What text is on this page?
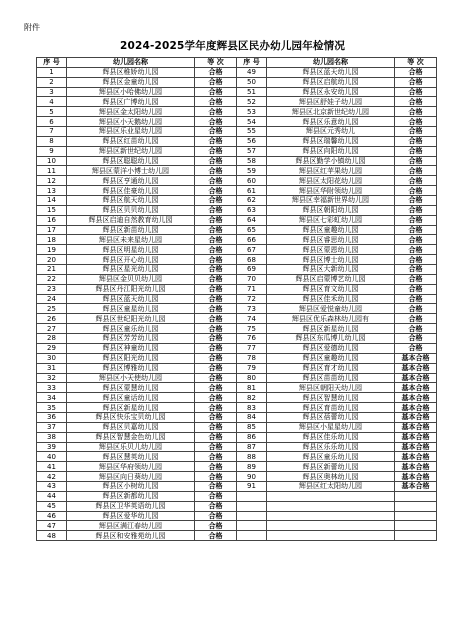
附件
2024-2025学年度辉县区民办幼儿园年检情况
序 号	幼儿园名称	等 次	序 号	幼儿园名称	等 次
1	辉县区稚娇幼儿园	合格	49	辉县区蓝天幼儿园	合格
2	辉县区金童幼儿园	合格	50	辉县区启航幼儿园	合格
3	辉县区小哈佛幼儿园	合格	51	辉县区永安幼儿园	合格
4	辉县区广博幼儿园	合格	52	辉县区舒娃子幼儿园	合格
5	辉县区金太阳幼儿园	合格	53	辉县区北京新世纪幼儿园	合格
6	辉县区小天鹅幼儿园	合格	54	辉县区乐意幼儿园	合格
7	辉县区乐业星幼儿园	合格	55	辉县区元秀幼儿	合格
8	辉县区红苗幼儿园	合格	56	辉县区瑞馨幼儿园	合格
9	辉县区新世纪幼儿园	合格	57	辉县区向阳幼儿园	合格
10	辉县区聪聪幼儿园	合格	58	辉县区勤学小镇幼儿园	合格
11	辉县区蒙洋小博士幼儿园	合格	59	辉县区红苹果幼儿园	合格
12	辉县区亨通幼儿园	合格	60	辉县区太阳花幼儿园	合格
13	辉县区佳豪幼儿园	合格	61	辉县区华附领幼儿园	合格
14	辉县区航天幼儿园	合格	62	辉县区幸福新世界幼儿园	合格
15	辉县区贝贝幼儿园	合格	63	辉县区朝阳幼儿园	合格
16	辉县区启迪自然教育幼儿园	合格	64	辉县区七彩虹幼儿园	合格
17	辉县区新苗幼儿园	合格	65	辉县区童趣幼儿园	合格
18	辉县区未来星幼儿园	合格	66	辉县区睿思幼儿园	合格
19	辉县区明星幼儿园	合格	67	辉县区蒙恩幼儿园	合格
20	辉县区开心幼儿园	合格	68	辉县区博士幼儿园	合格
21	辉县区星光幼儿园	合格	69	辉县区大新幼儿园	合格
22	辉县区金贝贝幼儿园	合格	70	辉县区启蒙博艺幼儿园	合格
23	辉县区丹江阳光幼儿园	合格	71	辉县区育文幼儿园	合格
24	辉县区蓝天幼儿园	合格	72	辉县区佳禾幼儿园	合格
25	辉县区童星幼儿园	合格	73	辉县区爱悦童幼儿园	合格
26	辉县区世纪阳光幼儿园	合格	74	辉县区优乐森林幼儿园有	合格
27	辉县区童乐幼儿园	合格	75	辉县区新星幼儿园	合格
28	辉县区芳芳幼儿园	合格	76	辉县区东瓜博儿幼儿园	合格
29	辉县区神童幼儿园	合格	77	辉县区爱德幼儿园	合格
30	辉县区阳光幼儿园	合格	78	辉县区童趣幼儿园	基本合格
31	辉县区博雅幼儿园	合格	79	辉县区育才幼儿园	基本合格
32	辉县区小天使幼儿园	合格	80	辉县区苗苗幼儿园	基本合格
33	辉县区蒙慧幼儿园	合格	81	辉县区朝阳天幼儿园	基本合格
34	辉县区童话幼儿园	合格	82	辉县区智慧幼儿园	基本合格
35	辉县区新星幼儿园	合格	83	辉县区育苗幼儿园	基本合格
36	辉县区快乐宝贝幼儿园	合格	84	辉县区蓓蕾幼儿园	基本合格
37	辉县区贝嘉幼儿园	合格	85	辉县区小星星幼儿园	基本合格
38	辉县区智慧金色幼儿园	合格	86	辉县区佳乐幼儿园	基本合格
39	辉县区乐贝儿幼儿园	合格	87	辉县区乐乐幼儿园	基本合格
40	辉县区慧英幼儿园	合格	88	辉县区童乐幼儿园	基本合格
41	辉县区华府领幼儿园	合格	89	辉县区新蕾幼儿园	基本合格
42	辉县区向日葵幼儿园	合格	90	辉县区奥林幼儿园	基本合格
43	辉县区小树幼儿园	合格	91	辉县区红太阳幼儿园	基本合格
44	辉县区新都幼儿园	合格			
45	辉县区卫华英语幼儿园	合格			
46	辉县区爱华幼儿园	合格			
47	辉县区满江春幼儿园	合格			
48	辉县区和安雅苑幼儿园	合格			
